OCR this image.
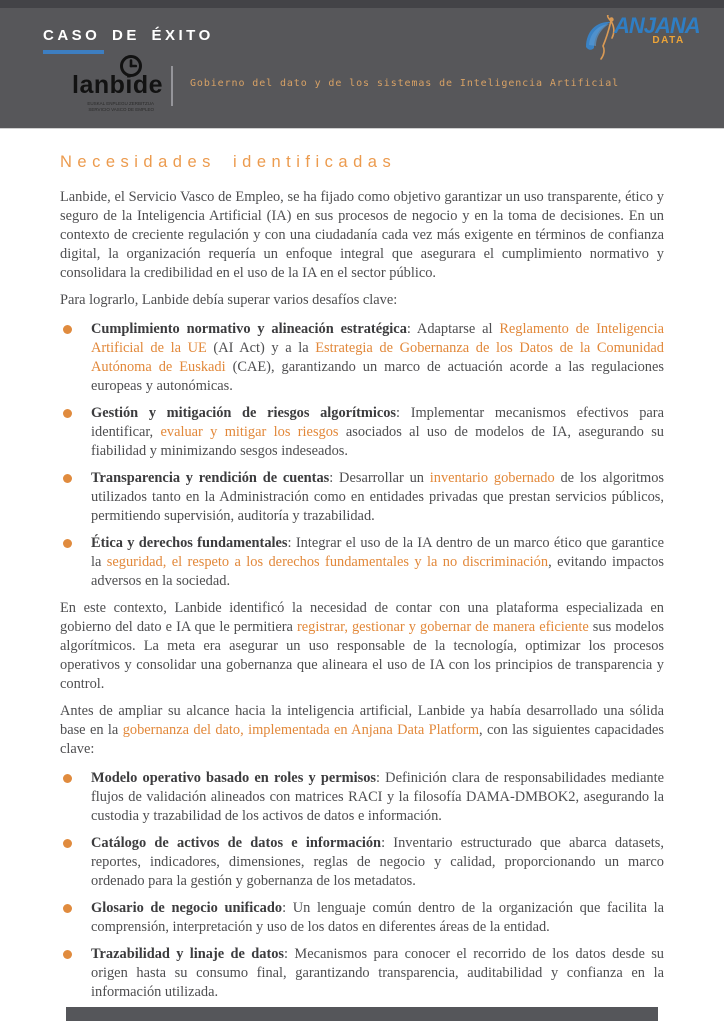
CASO DE ÉXITO
lanbide
EUSKAL ENPLEGU ZERBITZUA
SERVICIO VASCO DE EMPLEO
Gobierno del dato y de los sistemas de Inteligencia Artificial
ANJANA
DATA
Necesidades identificadas

Lanbide, el Servicio Vasco de Empleo, se ha fijado como objetivo garantizar un uso transparente, ético y seguro de la Inteligencia Artificial (IA) en sus procesos de negocio y en la toma de decisiones. En un contexto de creciente regulación y con una ciudadanía cada vez más exigente en términos de confianza digital, la organización requería un enfoque integral que asegurara el cumplimiento normativo y consolidara la credibilidad en el uso de la IA en el sector público.

Para lograrlo, Lanbide debía superar varios desafíos clave:

Cumplimiento normativo y alineación estratégica: Adaptarse al Reglamento de Inteligencia Artificial de la UE (AI Act) y a la Estrategia de Gobernanza de los Datos de la Comunidad Autónoma de Euskadi (CAE), garantizando un marco de actuación acorde a las regulaciones europeas y autonómicas.
Gestión y mitigación de riesgos algorítmicos: Implementar mecanismos efectivos para identificar, evaluar y mitigar los riesgos asociados al uso de modelos de IA, asegurando su fiabilidad y minimizando sesgos indeseados.
Transparencia y rendición de cuentas: Desarrollar un inventario gobernado de los algoritmos utilizados tanto en la Administración como en entidades privadas que prestan servicios públicos, permitiendo supervisión, auditoría y trazabilidad.
Ética y derechos fundamentales: Integrar el uso de la IA dentro de un marco ético que garantice la seguridad, el respeto a los derechos fundamentales y la no discriminación, evitando impactos adversos en la sociedad.

En este contexto, Lanbide identificó la necesidad de contar con una plataforma especializada en gobierno del dato e IA que le permitiera registrar, gestionar y gobernar de manera eficiente sus modelos algorítmicos. La meta era asegurar un uso responsable de la tecnología, optimizar los procesos operativos y consolidar una gobernanza que alineara el uso de IA con los principios de transparencia y control.

Antes de ampliar su alcance hacia la inteligencia artificial, Lanbide ya había desarrollado una sólida base en la gobernanza del dato, implementada en Anjana Data Platform, con las siguientes capacidades clave:

Modelo operativo basado en roles y permisos: Definición clara de responsabilidades mediante flujos de validación alineados con matrices RACI y la filosofía DAMA-DMBOK2, asegurando la custodia y trazabilidad de los activos de datos e información.
Catálogo de activos de datos e información: Inventario estructurado que abarca datasets, reportes, indicadores, dimensiones, reglas de negocio y calidad, proporcionando un marco ordenado para la gestión y gobernanza de los metadatos.
Glosario de negocio unificado: Un lenguaje común dentro de la organización que facilita la comprensión, interpretación y uso de los datos en diferentes áreas de la entidad.
Trazabilidad y linaje de datos: Mecanismos para conocer el recorrido de los datos desde su origen hasta su consumo final, garantizando transparencia, auditabilidad y confianza en la información utilizada.
